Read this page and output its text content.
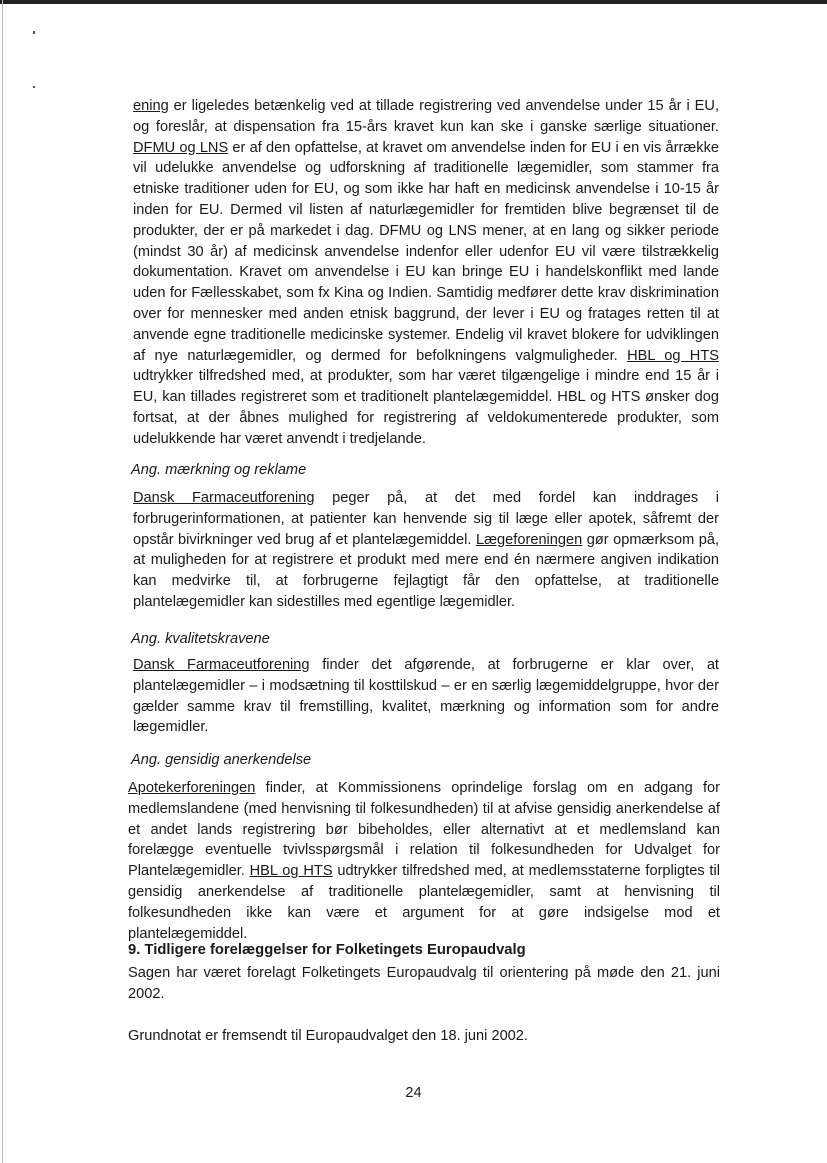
ening er ligeledes betænkelig ved at tillade registrering ved anvendelse under 15 år i EU, og foreslår, at dispensation fra 15-års kravet kun kan ske i ganske særlige situationer. DFMU og LNS er af den opfattelse, at kravet om anvendelse inden for EU i en vis årrække vil udelukke anvendelse og udforskning af traditionelle lægemidler, som stammer fra etniske traditioner uden for EU, og som ikke har haft en medicinsk anvendelse i 10-15 år inden for EU. Dermed vil listen af naturlægemidler for fremtiden blive begrænset til de produkter, der er på markedet i dag. DFMU og LNS mener, at en lang og sikker periode (mindst 30 år) af medicinsk anvendelse indenfor eller udenfor EU vil være tilstrækkelig dokumentation. Kravet om anvendelse i EU kan bringe EU i handelskonflikt med lande uden for Fællesskabet, som fx Kina og Indien. Samtidig medfører dette krav diskrimination over for mennesker med anden etnisk baggrund, der lever i EU og fratages retten til at anvende egne traditionelle medicinske systemer. Endelig vil kravet blokere for udviklingen af nye naturlægemidler, og dermed for befolkningens valgmuligheder. HBL og HTS udtrykker tilfredshed med, at produkter, som har været tilgængelige i mindre end 15 år i EU, kan tillades registreret som et traditionelt plantelægemiddel. HBL og HTS ønsker dog fortsat, at der åbnes mulighed for registrering af veldokumenterede produkter, som udelukkende har været anvendt i tredjelande.

Ang. mærkning og reklame

Dansk Farmaceutforening peger på, at det med fordel kan inddrages i forbrugerinformationen, at patienter kan henvende sig til læge eller apotek, såfremt der opstår bivirkninger ved brug af et plantelægemiddel. Lægeforeningen gør opmærksom på, at muligheden for at registrere et produkt med mere end én nærmere angiven indikation kan medvirke til, at forbrugerne fejlagtigt får den opfattelse, at traditionelle plantelægemidler kan sidestilles med egentlige lægemidler.

Ang. kvalitetskravene

Dansk Farmaceutforening finder det afgørende, at forbrugerne er klar over, at plantelægemidler – i modsætning til kosttilskud – er en særlig lægemiddelgruppe, hvor der gælder samme krav til fremstilling, kvalitet, mærkning og information som for andre lægemidler.

Ang. gensidig anerkendelse

Apotekerforeningen finder, at Kommissionens oprindelige forslag om en adgang for medlemslandene (med henvisning til folkesundheden) til at afvise gensidig anerkendelse af et andet lands registrering bør bibeholdes, eller alternativt at et medlemsland kan forelægge eventuelle tvivlsspørgsmål i relation til folkesundheden for Udvalget for Plantelægemidler. HBL og HTS udtrykker tilfredshed med, at medlemsstaterne forpligtes til gensidig anerkendelse af traditionelle plantelægemidler, samt at henvisning til folkesundheden ikke kan være et argument for at gøre indsigelse mod et plantelægemiddel.

9. Tidligere forelæggelser for Folketingets Europaudvalg

Sagen har været forelagt Folketingets Europaudvalg til orientering på møde den 21. juni 2002.

Grundnotat er fremsendt til Europaudvalget den 18. juni 2002.

24
